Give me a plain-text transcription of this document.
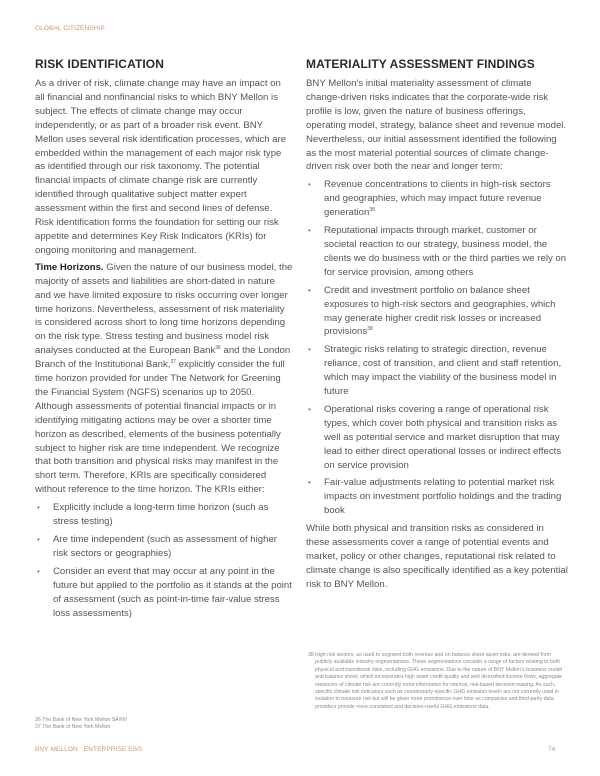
GLOBAL CITIZENSHIP
RISK IDENTIFICATION

As a driver of risk, climate change may have an impact on all financial and nonfinancial risks to which BNY Mellon is subject. The effects of climate change may occur independently, or as part of a broader risk event. BNY Mellon uses several risk identification processes, which are embedded within the management of each major risk type as identified through our risk taxonomy. The potential financial impacts of climate change risk are currently identified through qualitative subject matter expert assessment within the first and second lines of defense. Risk identification forms the foundation for setting our risk appetite and determines Key Risk Indicators (KRIs) for ongoing monitoring and management.

Time Horizons. Given the nature of our business model, the majority of assets and liabilities are short-dated in nature and we have limited exposure to risks occurring over longer time horizons. Nevertheless, assessment of risk materiality is considered across short to long time horizons depending on the risk type. Stress testing and business model risk analyses conducted at the European Bank$^{36}$ and the London Branch of the Institutional Bank,$^{37}$ explicitly consider the full time horizon provided for under The Network for Greening the Financial System (NGFS) scenarios up to 2050. Although assessments of potential financial impacts or in identifying mitigating actions may be over a shorter time horizon as described, elements of the business potentially subject to higher risk are time independent. We recognize that both transition and physical risks may manifest in the short term. Therefore, KRIs are specifically considered without reference to the time horizon. The KRIs either:

• Explicitly include a long-term time horizon (such as stress testing)
• Are time independent (such as assessment of higher risk sectors or geographies)
• Consider an event that may occur at any point in the future but applied to the portfolio as it stands at the point of assessment (such as point-in-time fair-value stress loss assessments)
MATERIALITY ASSESSMENT FINDINGS

BNY Mellon's initial materiality assessment of climate change-driven risks indicates that the corporate-wide risk profile is low, given the nature of business offerings, operating model, strategy, balance sheet and revenue model. Nevertheless, our initial assessment identified the following as the most material potential sources of climate change-driven risk over both the near and longer term:

• Revenue concentrations to clients in high-risk sectors and geographies, which may impact future revenue generation$^{38}$
• Reputational impacts through market, customer or societal reaction to our strategy, business model, the clients we do business with or the third parties we rely on for service provision, among others
• Credit and investment portfolio on balance sheet exposures to high-risk sectors and geographies, which may generate higher credit risk losses or increased provisions$^{38}$
• Strategic risks relating to strategic direction, revenue reliance, cost of transition, and client and staff retention, which may impact the viability of the business model in future
• Operational risks covering a range of operational risk types, which cover both physical and transition risks as well as potential service and market disruption that may lead to either direct operational losses or indirect effects on service provision
• Fair-value adjustments relating to potential market risk impacts on investment portfolio holdings and the trading book

While both physical and transition risks as considered in these assessments cover a range of potential events and market, policy or other changes, reputational risk related to climate change is also specifically identified as a key potential risk to BNY Mellon.

36 The Bank of New York Mellon SA/NV
37 The Bank of New York Mellon
38 High risk sectors, as used to segment both revenue and on balance sheet asset risks, are derived from publicly available industry segmentations. These segmentations consider a range of factors relating to both physical and transitional risks, including GHG emissions. Due to the nature of BNY Mellon's business model and balance sheet, which incorporates high asset credit quality and well diversified income flows, aggregate measures of climate risk are currently more informative for internal, risk-based decision-making. As such, specific climate risk indicators such as counterparty-specific GHG emission levels are not currently used in isolation to measure risk but will be given more prominence over time as companies and third-party data providers provide more consistent and decision-useful GHG emissions data.
BNY MELLON ENTERPRISE ESG	74
